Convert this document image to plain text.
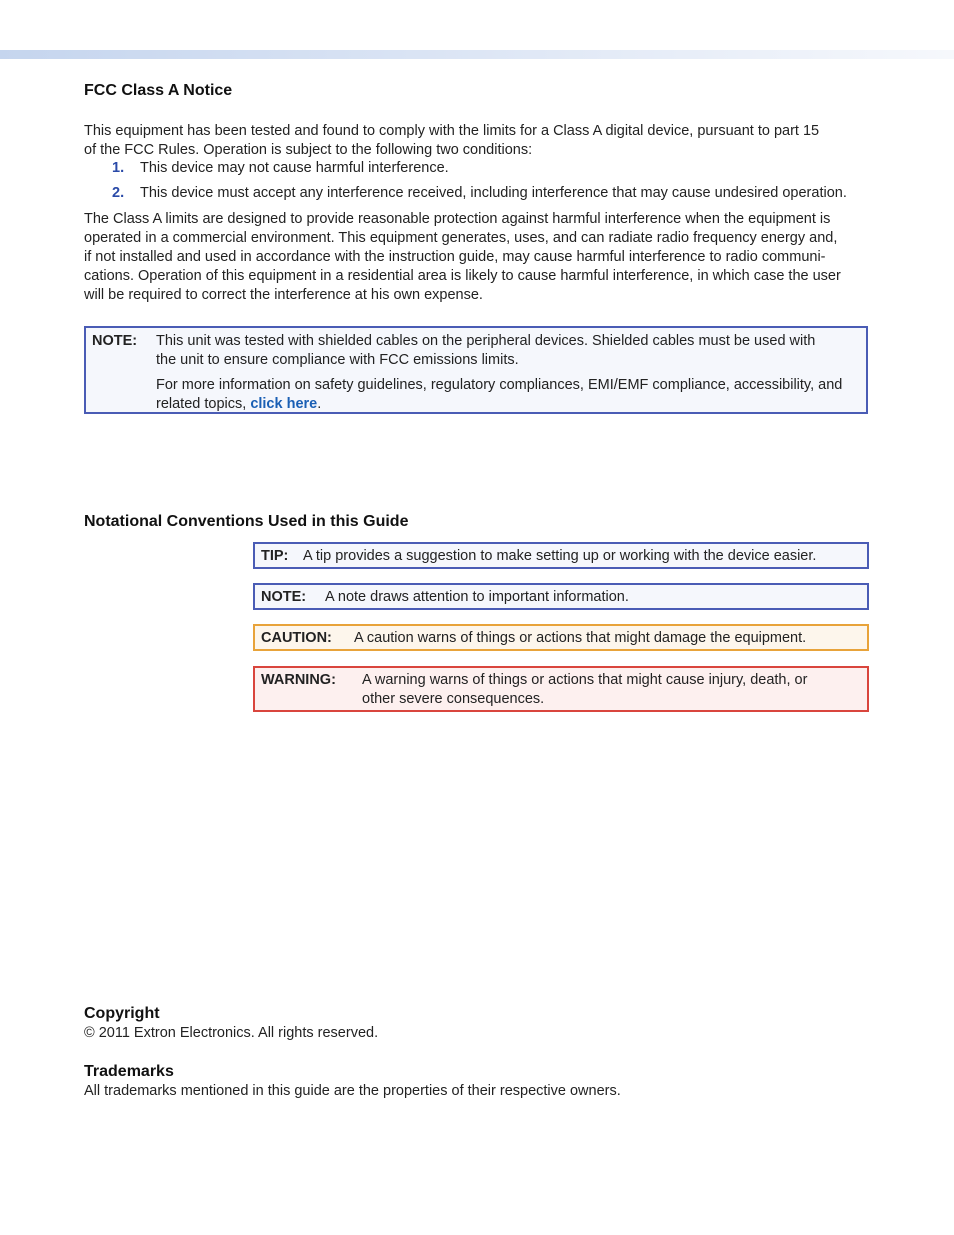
FCC Class A Notice
This equipment has been tested and found to comply with the limits for a Class A digital device, pursuant to part 15
of the FCC Rules. Operation is subject to the following two conditions:
1. This device may not cause harmful interference.
2. This device must accept any interference received, including interference that may cause undesired operation.
The Class A limits are designed to provide reasonable protection against harmful interference when the equipment is
operated in a commercial environment. This equipment generates, uses, and can radiate radio frequency energy and,
if not installed and used in accordance with the instruction guide, may cause harmful interference to radio communi-
cations. Operation of this equipment in a residential area is likely to cause harmful interference, in which case the user
will be required to correct the interference at his own expense.
NOTE: This unit was tested with shielded cables on the peripheral devices. Shielded cables must be used with
the unit to ensure compliance with FCC emissions limits.
For more information on safety guidelines, regulatory compliances, EMI/EMF compliance, accessibility, and
related topics, click here.
Notational Conventions Used in this Guide
TIP:	A tip provides a suggestion to make setting up or working with the device easier.

NOTE:	A note draws attention to important information.

CAUTION:	A caution warns of things or actions that might damage the equipment.

WARNING: A warning warns of things or actions that might cause injury, death, or
other severe consequences.
Copyright
© 2011 Extron Electronics. All rights reserved.
Trademarks
All trademarks mentioned in this guide are the properties of their respective owners.
